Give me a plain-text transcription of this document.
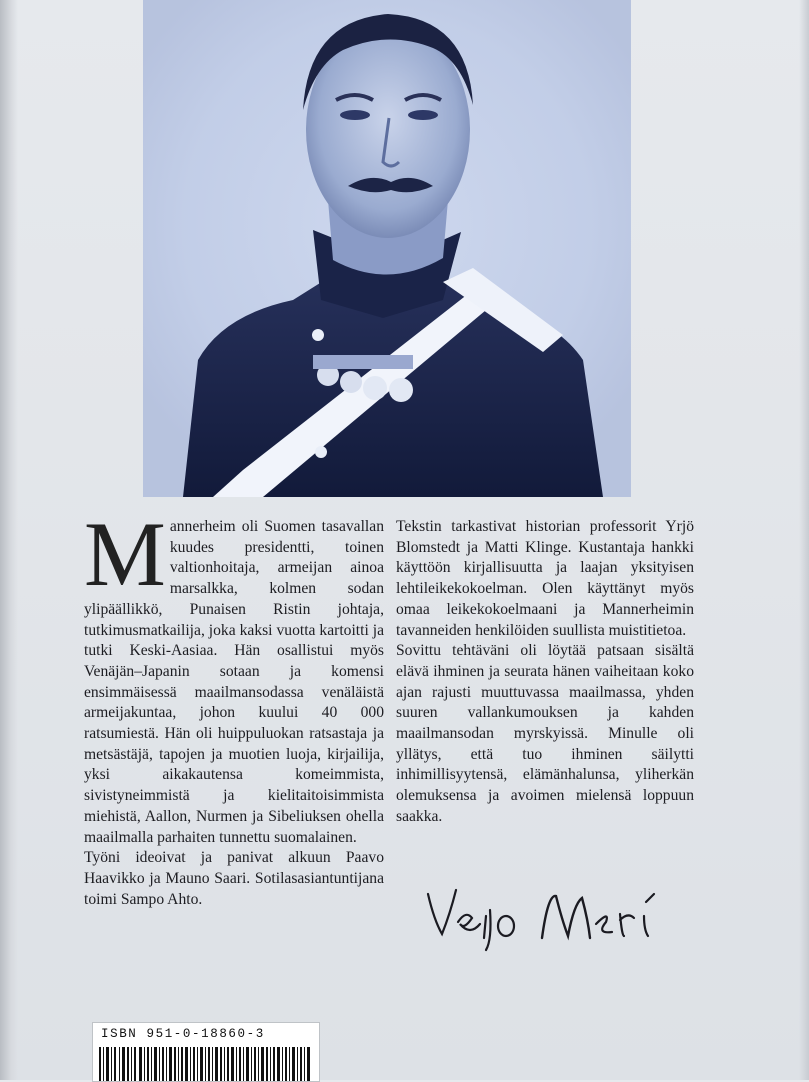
Mannerheim oli Suomen tasavallan kuudes presidentti, toinen valtionhoitaja, armeijan ainoa marsalkka, kolmen sodan ylipäällikkö, Punaisen Ristin johtaja, tutkimusmatkailija, joka kaksi vuotta kartoitti ja tutki Keski-Aasiaa. Hän osallistui myös Venäjän–Japanin sotaan ja komensi ensimmäisessä maailmansodassa venäläistä armeijakuntaa, johon kuului 40 000 ratsumiestä. Hän oli huippuluokan ratsastaja ja metsästäjä, tapojen ja muotien luoja, kirjailija, yksi aikakautensa komeimmista, sivistyneimmistä ja kielitaitoisimmista miehistä, Aallon, Nurmen ja Sibeliuksen ohella maailmalla parhaiten tunnettu suomalainen.

Työni ideoivat ja panivat alkuun Paavo Haavikko ja Mauno Saari. Sotilasasiantuntijana toimi Sampo Ahto.

Tekstin tarkastivat historian professorit Yrjö Blomstedt ja Matti Klinge. Kustantaja hankki käyttöön kirjallisuutta ja laajan yksityisen lehtileikekokoelman. Olen käyttänyt myös omaa leikekokoelmaani ja Mannerheimin tavanneiden henkilöiden suullista muistitietoa.

Sovittu tehtäväni oli löytää patsaan sisältä elävä ihminen ja seurata hänen vaiheitaan koko ajan rajusti muuttuvassa maailmassa, yhden suuren vallankumouksen ja kahden maailmansodan myrskyissä. Minulle oli yllätys, että tuo ihminen säilytti inhimillisyytensä, elämänhalunsa, yliherkän olemuksensa ja avoimen mielensä loppuun saakka.

ISBN 951-0-18860-3
